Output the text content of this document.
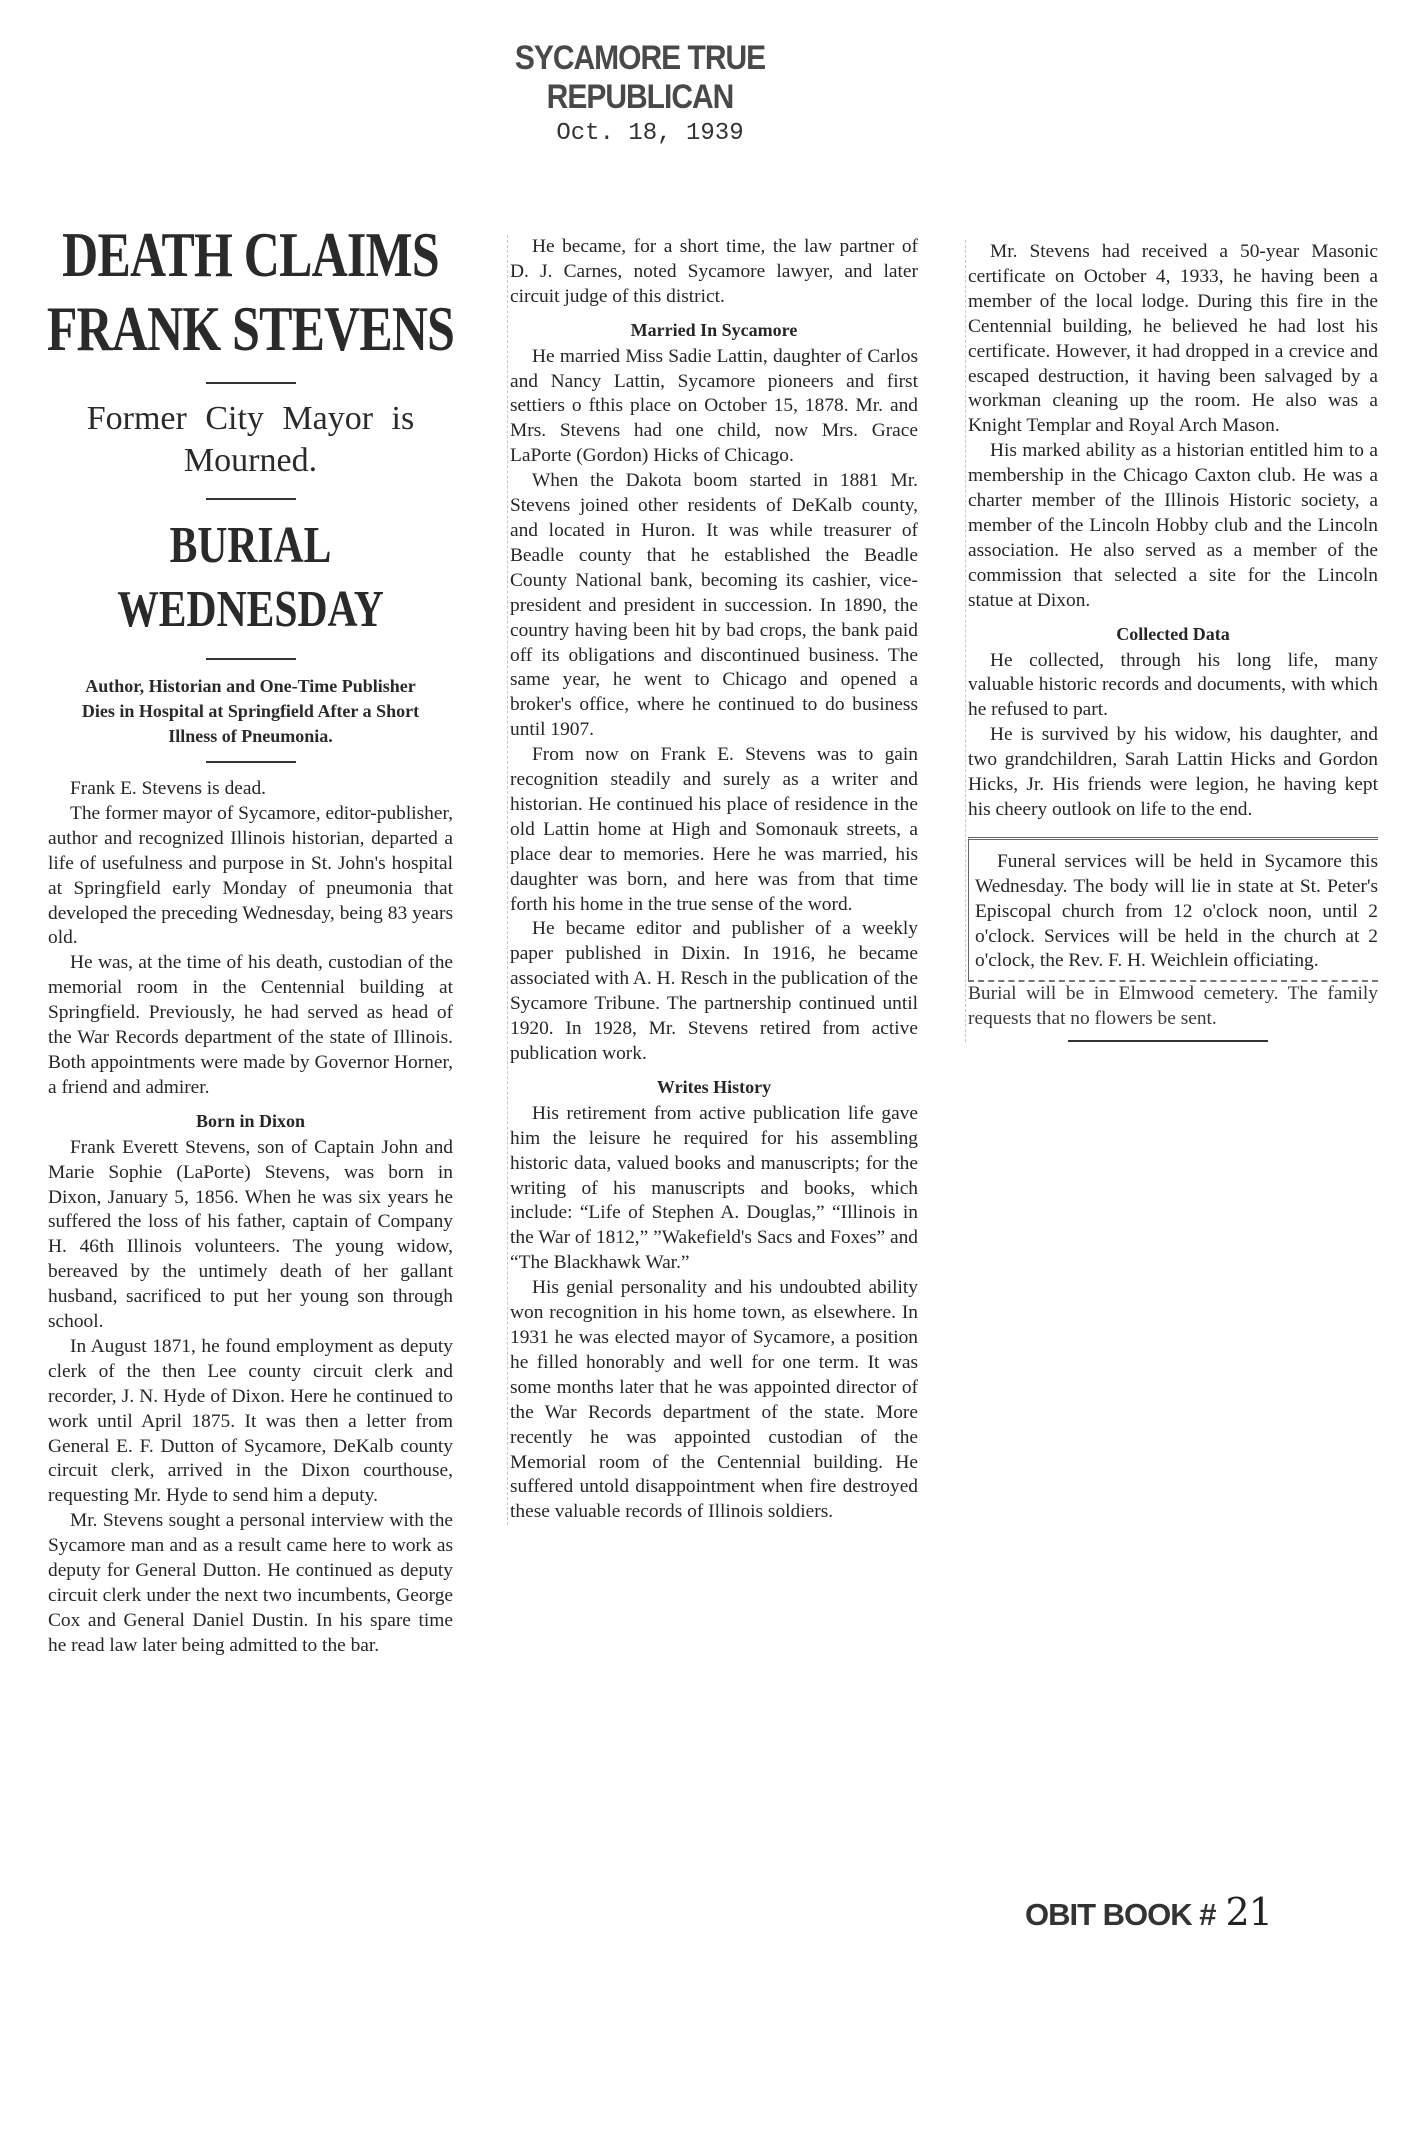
SYCAMORE TRUE REPUBLICAN
Oct. 18, 1939
DEATH CLAIMS FRANK STEVENS
Former City Mayor is Mourned.
BURIAL WEDNESDAY
Author, Historian and One-Time Publisher Dies in Hospital at Springfield After a Short Illness of Pneumonia.

Frank E. Stevens is dead.

The former mayor of Sycamore, editor-publisher, author and recognized Illinois historian, departed a life of usefulness and purpose in St. John's hospital at Springfield early Monday of pneumonia that developed the preceding Wednesday, being 83 years old.

He was, at the time of his death, custodian of the memorial room in the Centennial building at Springfield. Previously, he had served as head of the War Records department of the state of Illinois. Both appointments were made by Governor Horner, a friend and admirer.

Born in Dixon

Frank Everett Stevens, son of Captain John and Marie Sophie (LaPorte) Stevens, was born in Dixon, January 5, 1856. When he was six years he suffered the loss of his father, captain of Company H. 46th Illinois volunteers. The young widow, bereaved by the untimely death of her gallant husband, sacrificed to put her young son through school.

In August 1871, he found employment as deputy clerk of the then Lee county circuit clerk and recorder, J. N. Hyde of Dixon. Here he continued to work until April 1875. It was then a letter from General E. F. Dutton of Sycamore, DeKalb county circuit clerk, arrived in the Dixon courthouse, requesting Mr. Hyde to send him a deputy.

Mr. Stevens sought a personal interview with the Sycamore man and as a result came here to work as deputy for General Dutton. He continued as deputy circuit clerk under the next two incumbents, George Cox and General Daniel Dustin. In his spare time he read law later being admitted to the bar.

He became, for a short time, the law partner of D. J. Carnes, noted Sycamore lawyer, and later circuit judge of this district.

Married In Sycamore

He married Miss Sadie Lattin, daughter of Carlos and Nancy Lattin, Sycamore pioneers and first settiers o fthis place on October 15, 1878. Mr. and Mrs. Stevens had one child, now Mrs. Grace LaPorte (Gordon) Hicks of Chicago.

When the Dakota boom started in 1881 Mr. Stevens joined other residents of DeKalb county, and located in Huron. It was while treasurer of Beadle county that he established the Beadle County National bank, becoming its cashier, vice-president and president in succession. In 1890, the country having been hit by bad crops, the bank paid off its obligations and discontinued business. The same year, he went to Chicago and opened a broker's office, where he continued to do business until 1907.

From now on Frank E. Stevens was to gain recognition steadily and surely as a writer and historian. He continued his place of residence in the old Lattin home at High and Somonauk streets, a place dear to memories. Here he was married, his daughter was born, and here was from that time forth his home in the true sense of the word.

He became editor and publisher of a weekly paper published in Dixin. In 1916, he became associated with A. H. Resch in the publication of the Sycamore Tribune. The partnership continued until 1920. In 1928, Mr. Stevens retired from active publication work.

Writes History

His retirement from active publication life gave him the leisure he required for his assembling historic data, valued books and manuscripts; for the writing of his manuscripts and books, which include: “Life of Stephen A. Douglas,” “Illinois in the War of 1812,” ”Wakefield's Sacs and Foxes” and “The Blackhawk War.”

His genial personality and his undoubted ability won recognition in his home town, as elsewhere. In 1931 he was elected mayor of Sycamore, a position he filled honorably and well for one term. It was some months later that he was appointed director of the War Records department of the state. More recently he was appointed custodian of the Memorial room of the Centennial building. He suffered untold disappointment when fire destroyed these valuable records of Illinois soldiers.

Mr. Stevens had received a 50-year Masonic certificate on October 4, 1933, he having been a member of the local lodge. During this fire in the Centennial building, he believed he had lost his certificate. However, it had dropped in a crevice and escaped destruction, it having been salvaged by a workman cleaning up the room. He also was a Knight Templar and Royal Arch Mason.

His marked ability as a historian entitled him to a membership in the Chicago Caxton club. He was a charter member of the Illinois Historic society, a member of the Lincoln Hobby club and the Lincoln association. He also served as a member of the commission that selected a site for the Lincoln statue at Dixon.

Collected Data

He collected, through his long life, many valuable historic records and documents, with which he refused to part.

He is survived by his widow, his daughter, and two grandchildren, Sarah Lattin Hicks and Gordon Hicks, Jr. His friends were legion, he having kept his cheery outlook on life to the end.

Funeral services will be held in Sycamore this Wednesday. The body will lie in state at St. Peter's Episcopal church from 12 o'clock noon, until 2 o'clock. Services will be held in the church at 2 o'clock, the Rev. F. H. Weichlein officiating.

Burial will be in Elmwood cemetery. The family requests that no flowers be sent.

OBIT BOOK # 21
